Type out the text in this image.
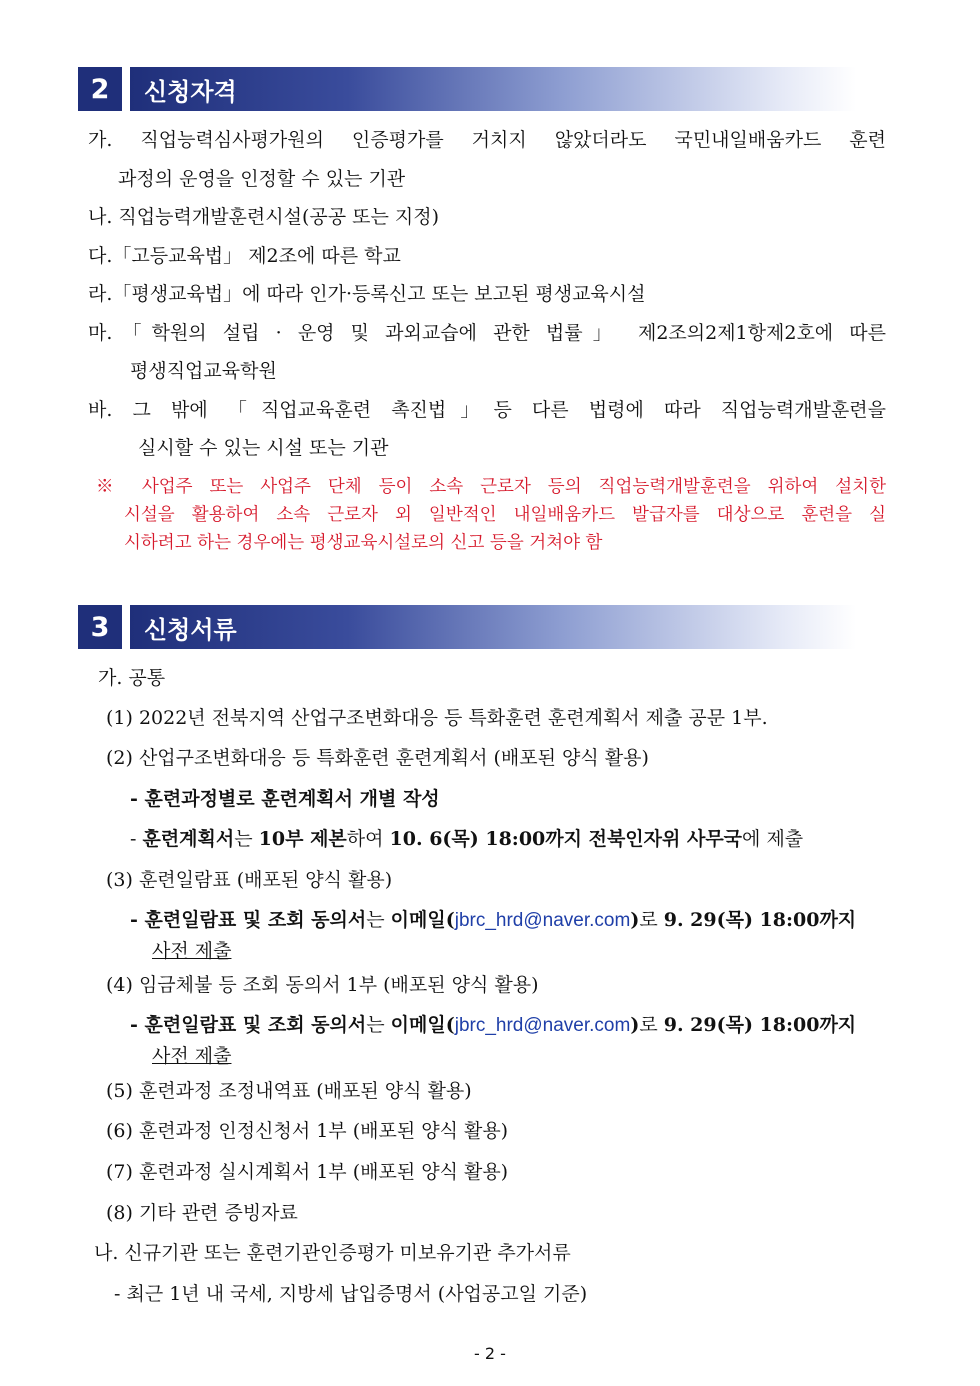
2	신청자격
가. 직업능력심사평가원의 인증평가를 거치지 않았더라도 국민내일배움카드 훈련
과정의 운영을 인정할 수 있는 기관
나. 직업능력개발훈련시설(공공 또는 지정)
다.「고등교육법」 제2조에 따른 학교
라.「평생교육법」에 따라 인가·등록신고 또는 보고된 평생교육시설
마.「학원의 설립 · 운영 및 과외교습에 관한 법률」 제2조의2제1항제2호에 따른
평생직업교육학원
바. 그 밖에 「직업교육훈련 촉진법」등 다른 법령에 따라 직업능력개발훈련을
실시할 수 있는 시설 또는 기관
※ 사업주 또는 사업주 단체 등이 소속 근로자 등의 직업능력개발훈련을 위하여 설치한
시설을 활용하여 소속 근로자 외 일반적인 내일배움카드 발급자를 대상으로 훈련을 실
시하려고 하는 경우에는 평생교육시설로의 신고 등을 거쳐야 함
3	신청서류
가. 공통
(1) 2022년 전북지역 산업구조변화대응 등 특화훈련 훈련계획서 제출 공문 1부.
(2) 산업구조변화대응 등 특화훈련 훈련계획서 (배포된 양식 활용)
- 훈련과정별로 훈련계획서 개별 작성
- 훈련계획서는 10부 제본하여 10. 6(목) 18:00까지 전북인자위 사무국에 제출
(3) 훈련일람표 (배포된 양식 활용)
- 훈련일람표 및 조회 동의서는 이메일(jbrc_hrd@naver.com)로 9. 29(목) 18:00까지
사전 제출
(4) 임금체불 등 조회 동의서 1부 (배포된 양식 활용)
- 훈련일람표 및 조회 동의서는 이메일(jbrc_hrd@naver.com)로 9. 29(목) 18:00까지
사전 제출
(5) 훈련과정 조정내역표 (배포된 양식 활용)
(6) 훈련과정 인정신청서 1부 (배포된 양식 활용)
(7) 훈련과정 실시계획서 1부 (배포된 양식 활용)
(8) 기타 관련 증빙자료
나. 신규기관 또는 훈련기관인증평가 미보유기관 추가서류
- 최근 1년 내 국세, 지방세 납입증명서 (사업공고일 기준)
- 2 -
